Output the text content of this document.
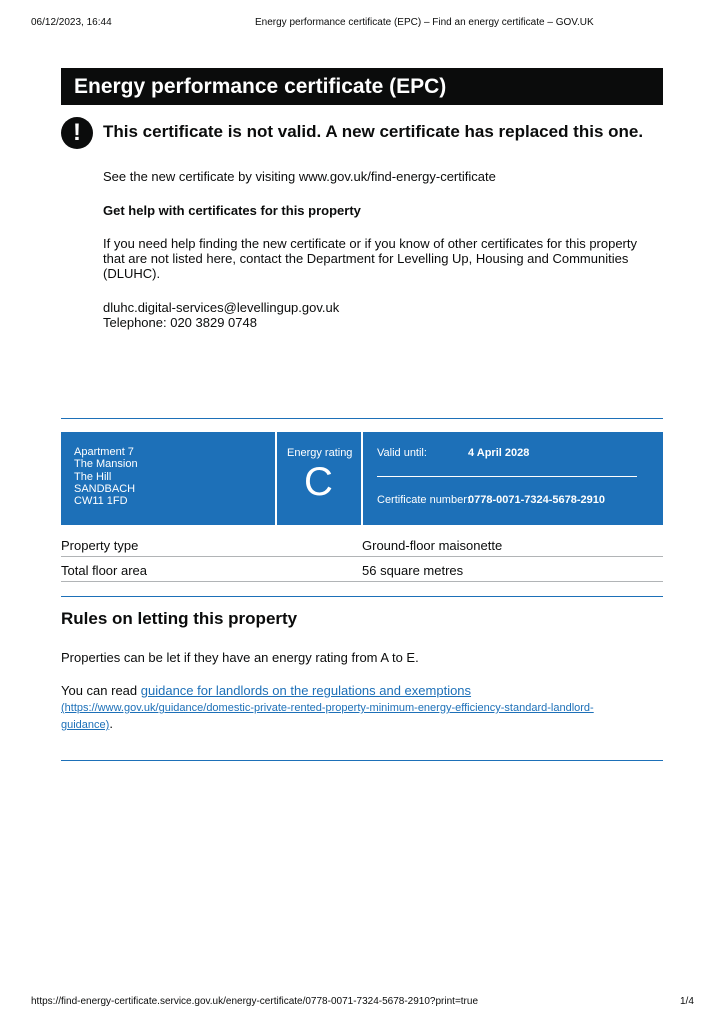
06/12/2023, 16:44	Energy performance certificate (EPC) – Find an energy certificate – GOV.UK
Energy performance certificate (EPC)
!	This certificate is not valid. A new certificate has replaced this one.
See the new certificate by visiting www.gov.uk/find-energy-certificate
Get help with certificates for this property
If you need help finding the new certificate or if you know of other certificates for this property
that are not listed here, contact the Department for Levelling Up, Housing and Communities
(DLUHC).
dluhc.digital-services@levellingup.gov.uk
Telephone: 020 3829 0748
Apartment 7
The Mansion
The Hill
SANDBACH
CW11 1FD
Energy rating
C
Valid until:	4 April 2028
Certificate number:
0778-0071-7324-5678-2910
Property type	Ground-floor maisonette
Total floor area	56 square metres
Rules on letting this property
Properties can be let if they have an energy rating from A to E.
You can read guidance for landlords on the regulations and exemptions
(https://www.gov.uk/guidance/domestic-private-rented-property-minimum-energy-efficiency-standard-landlord-
guidance).
https://find-energy-certificate.service.gov.uk/energy-certificate/0778-0071-7324-5678-2910?print=true	1/4
